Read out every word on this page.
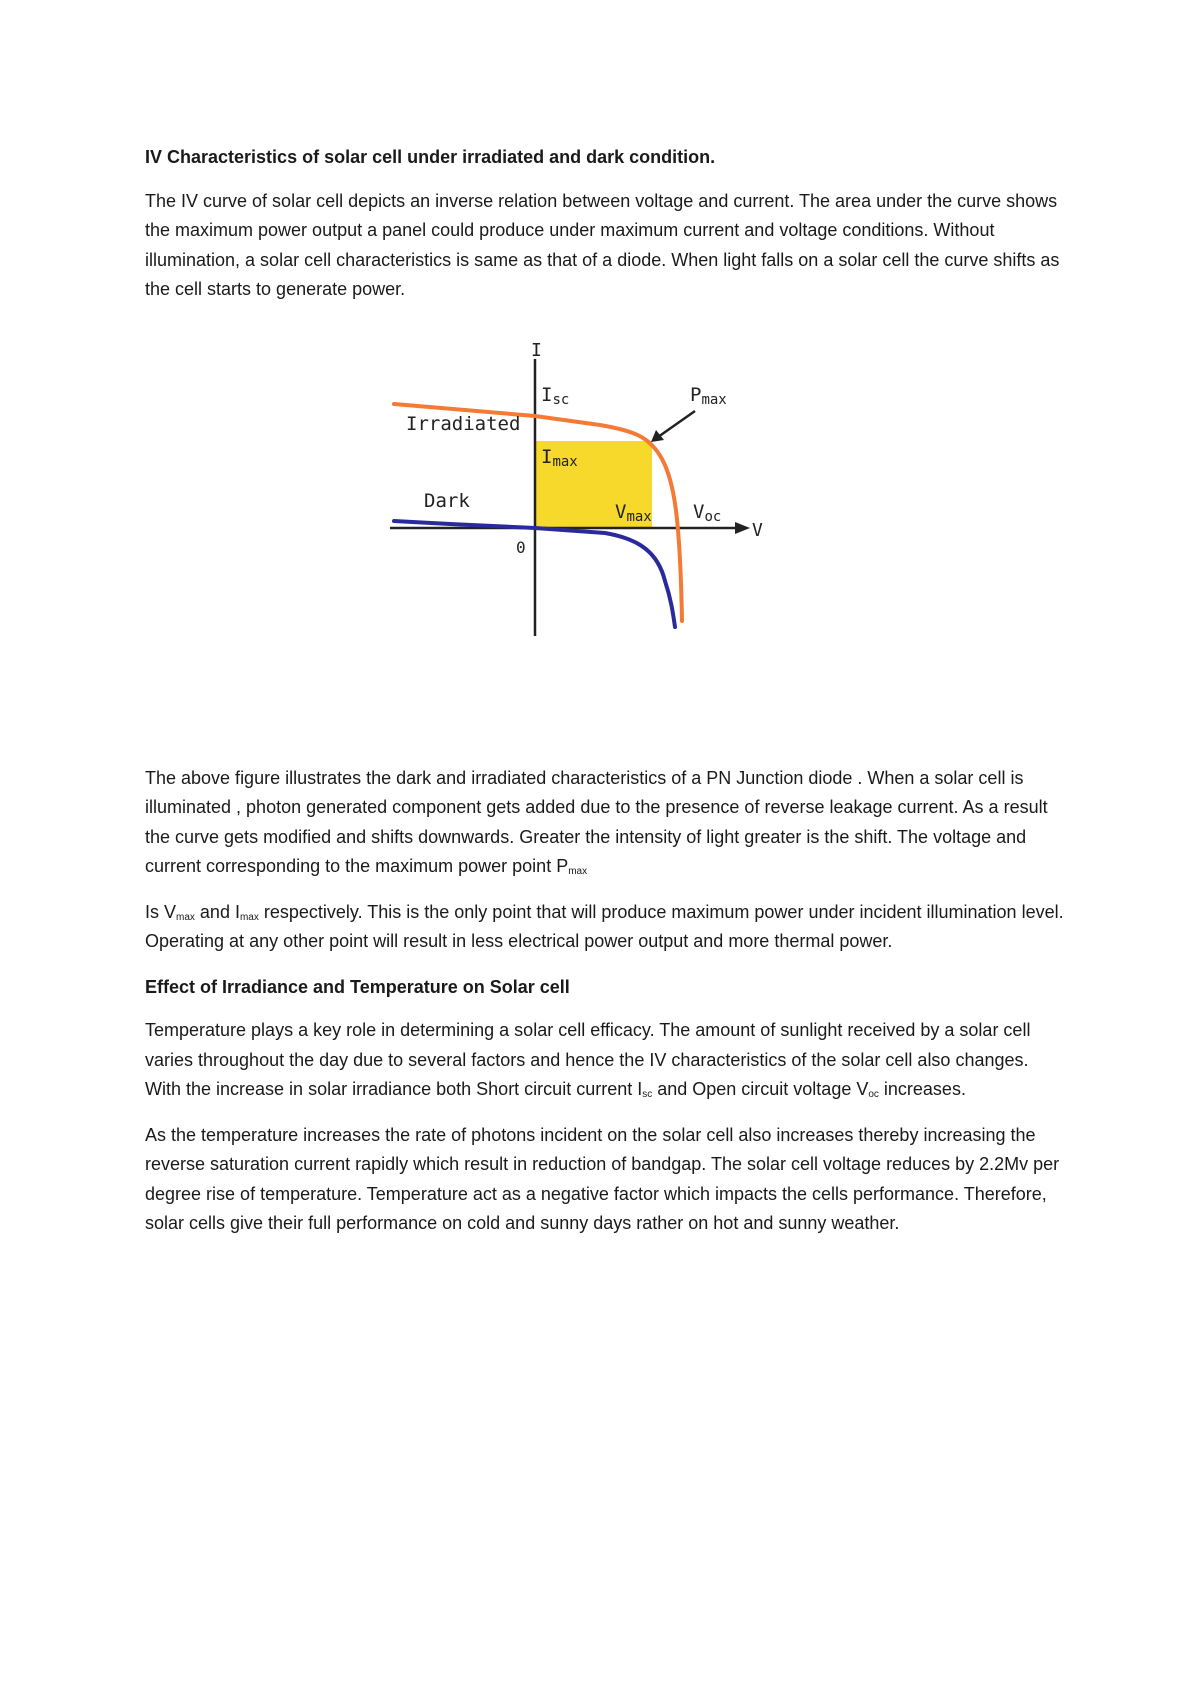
IV Characteristics of solar cell under irradiated and dark condition.

The IV curve of solar cell depicts an inverse relation between voltage and current. The area under the curve shows the maximum power output a panel could produce under maximum current and voltage conditions. Without illumination, a solar cell characteristics is same as that of a diode. When light falls on a solar cell the curve shifts as the cell starts to generate power.

I
V
0
Isc	Pmax
Imax
Vmax Voc
Irradiated
Dark

The above figure illustrates the dark and irradiated characteristics of a PN Junction diode . When a solar cell is illuminated , photon generated component gets added due to the presence of reverse leakage current. As a result the curve gets modified and shifts downwards. Greater the intensity of light greater is the shift. The voltage and current corresponding to the maximum power point $P_{max}$

Is $V_{max}$ and $I_{max}$ respectively. This is the only point that will produce maximum power under incident illumination level. Operating at any other point will result in less electrical power output and more thermal power.

Effect of Irradiance and Temperature on Solar cell

Temperature plays a key role in determining a solar cell efficacy. The amount of sunlight received by a solar cell varies throughout the day due to several factors and hence the IV characteristics of the solar cell also changes. With the increase in solar irradiance both Short circuit current $I_{sc}$ and Open circuit voltage $V_{oc}$ increases.

As the temperature increases the rate of photons incident on the solar cell also increases thereby increasing the reverse saturation current rapidly which result in reduction of bandgap. The solar cell voltage reduces by 2.2Mv per degree rise of temperature. Temperature act as a negative factor which impacts the cells performance. Therefore, solar cells give their full performance on cold and sunny days rather on hot and sunny weather.
